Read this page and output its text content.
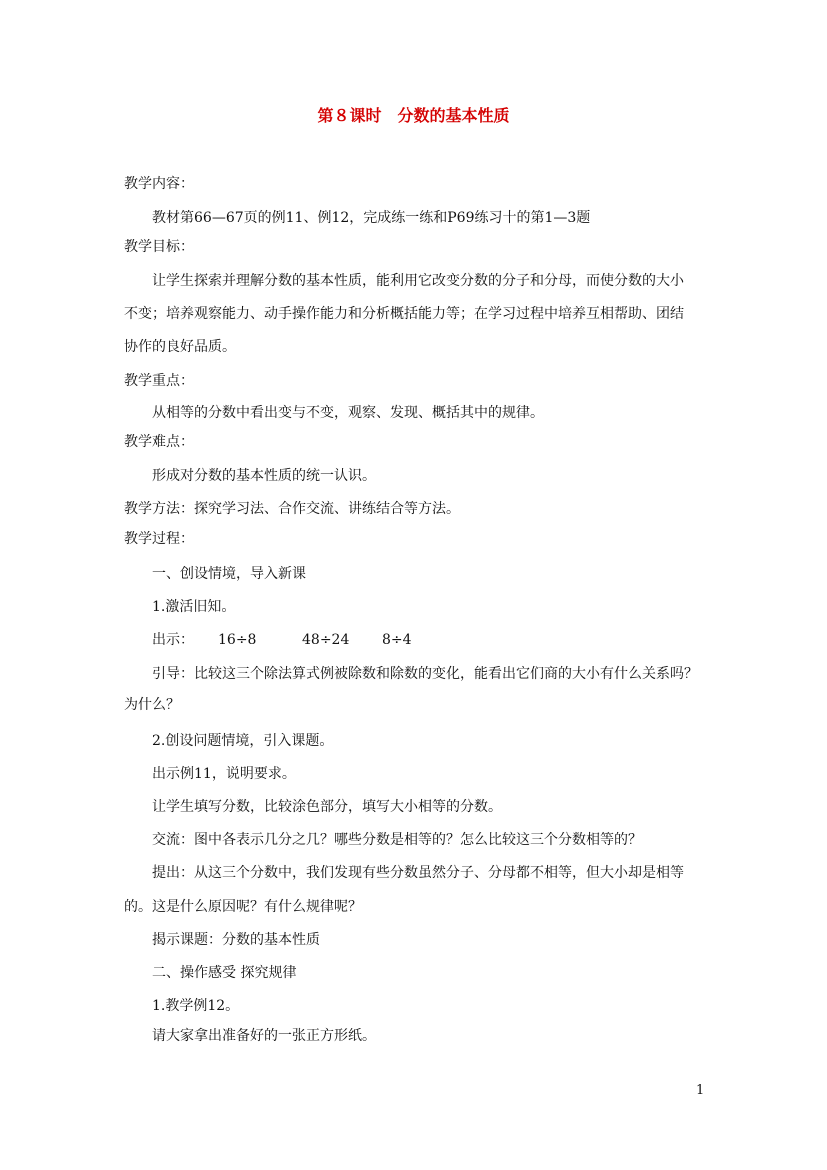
第８课时　分数的基本性质
教学内容：
教材第66—67页的例11、例12，完成练一练和P69练习十的第1—3题
教学目标：
让学生探索并理解分数的基本性质，能利用它改变分数的分子和分母，而使分数的大小
不变；培养观察能力、动手操作能力和分析概括能力等；在学习过程中培养互相帮助、团结
协作的良好品质。
教学重点：
从相等的分数中看出变与不变，观察、发现、概括其中的规律。
教学难点：
形成对分数的基本性质的统一认识。
教学方法：探究学习法、合作交流、讲练结合等方法。
教学过程：
一、创设情境，导入新课
1.激活旧知。
出示： 16÷8	48÷24 8÷4
引导：比较这三个除法算式例被除数和除数的变化，能看出它们商的大小有什么关系吗？
为什么？
2.创设问题情境，引入课题。
出示例11，说明要求。
让学生填写分数，比较涂色部分，填写大小相等的分数。
交流：图中各表示几分之几？哪些分数是相等的？怎么比较这三个分数相等的？
提出：从这三个分数中，我们发现有些分数虽然分子、分母都不相等，但大小却是相等
的。这是什么原因呢？有什么规律呢？
揭示课题：分数的基本性质
二、操作感受 探究规律
1.教学例12。
请大家拿出准备好的一张正方形纸。
1
